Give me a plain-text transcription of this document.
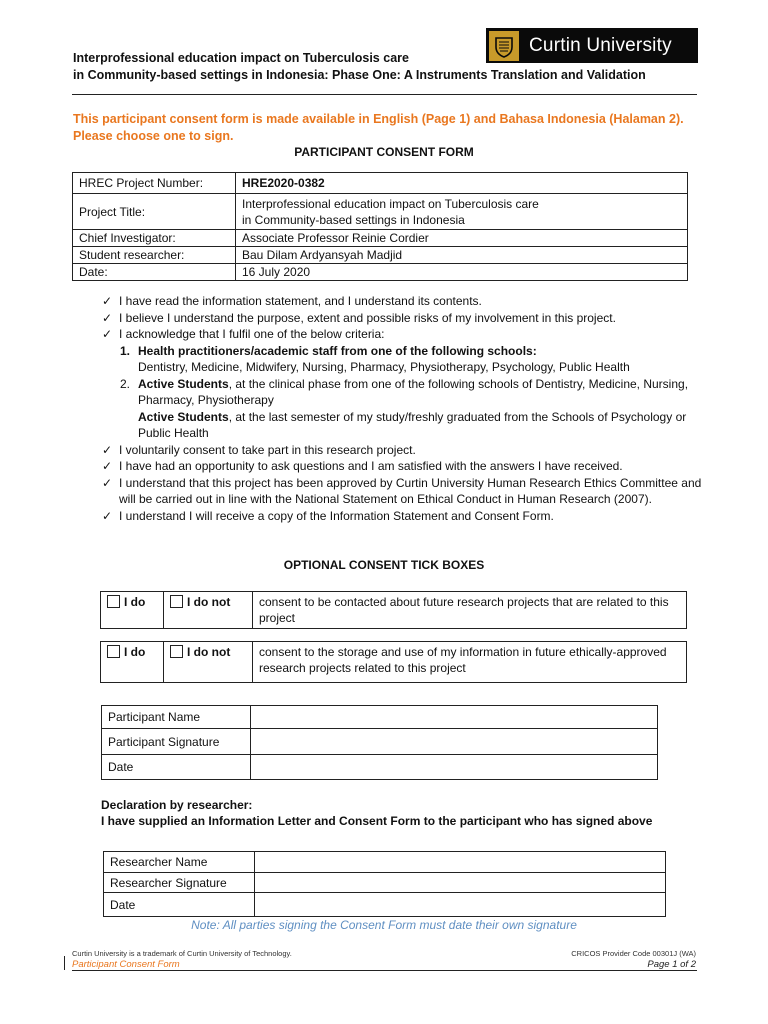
Interprofessional education impact on Tuberculosis care
in Community-based settings in Indonesia: Phase One: A Instruments Translation and Validation
Curtin University
This participant consent form is made available in English (Page 1) and Bahasa Indonesia (Halaman 2). Please choose one to sign.
PARTICIPANT CONSENT FORM
HREC Project Number:	HRE2020-0382
Project Title:	Interprofessional education impact on Tuberculosis care
in Community-based settings in Indonesia

Chief Investigator:	Associate Professor Reinie Cordier
Student researcher:	Bau Dilam Ardyansyah Madjid
Date:	16 July 2020
✓ I have read the information statement, and I understand its contents.
✓ I believe I understand the purpose, extent and possible risks of my involvement in this project.
✓ I acknowledge that I fulfil one of the below criteria:
1. Health practitioners/academic staff from one of the following schools:
Dentistry, Medicine, Midwifery, Nursing, Pharmacy, Physiotherapy, Psychology, Public Health
2. Active Students, at the clinical phase from one of the following schools of Dentistry, Medicine, Nursing, Pharmacy, Physiotherapy
Active Students, at the last semester of my study/freshly graduated from the Schools of Psychology or Public Health
✓ I voluntarily consent to take part in this research project.
✓ I have had an opportunity to ask questions and I am satisfied with the answers I have received.
✓ I understand that this project has been approved by Curtin University Human Research Ethics Committee and will be carried out in line with the National Statement on Ethical Conduct in Human Research (2007).
✓ I understand I will receive a copy of the Information Statement and Consent Form.
OPTIONAL CONSENT TICK BOXES
I do	I do not	consent to be contacted about future research projects that are related to this project
I do	I do not	consent to the storage and use of my information in future ethically-approved research projects related to this project
Participant Name	
Participant Signature	
Date	
Declaration by researcher:
I have supplied an Information Letter and Consent Form to the participant who has signed above
Researcher Name	
Researcher Signature	
Date	
Note: All parties signing the Consent Form must date their own signature
Curtin University is a trademark of Curtin University of Technology.	CRICOS Provider Code 00301J (WA)
Participant Consent Form	Page 1 of 2
